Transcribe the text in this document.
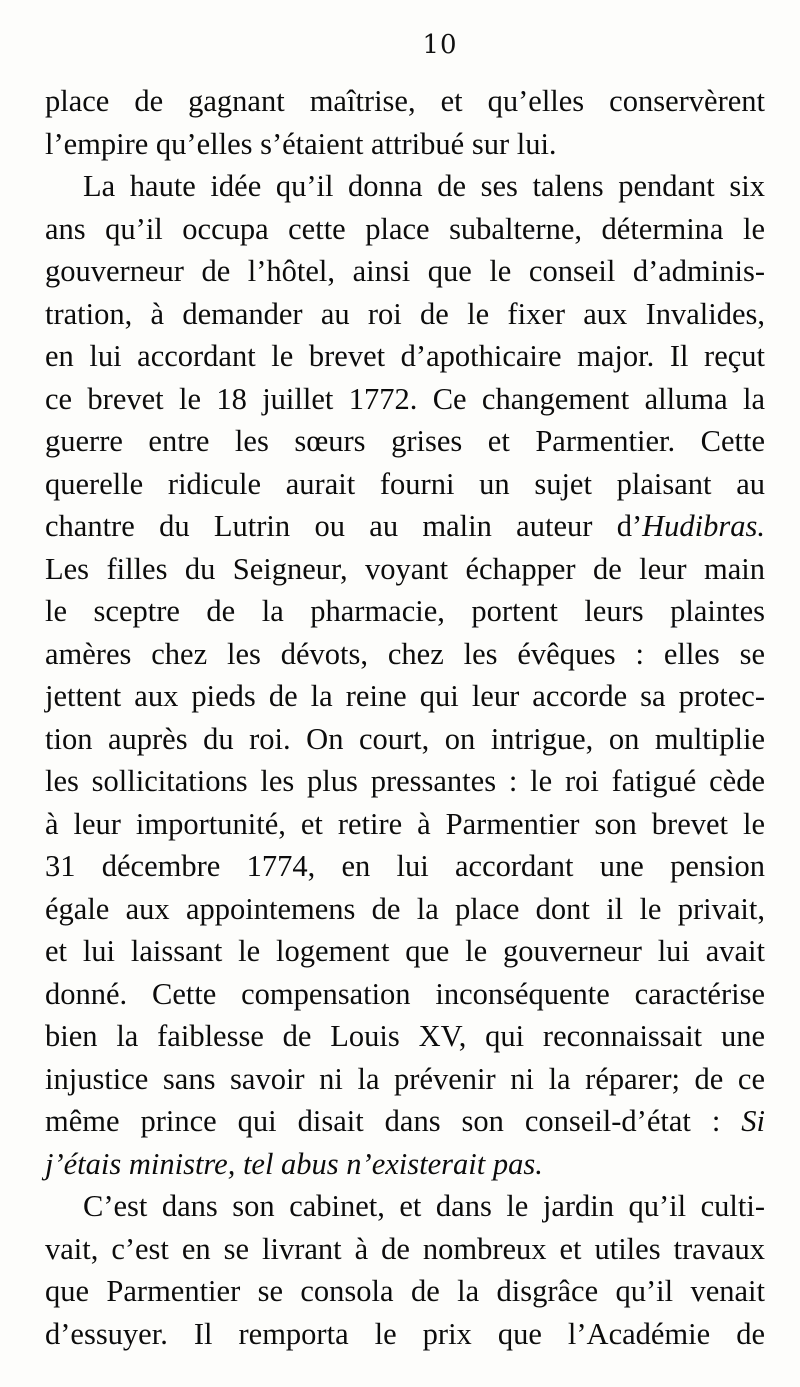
10
place de gagnant maîtrise, et qu’elles conservèrent
l’empire qu’elles s’étaient attribué sur lui.
La haute idée qu’il donna de ses talens pendant six
ans qu’il occupa cette place subalterne, détermina le
gouverneur de l’hôtel, ainsi que le conseil d’adminis-
tration, à demander au roi de le fixer aux Invalides,
en lui accordant le brevet d’apothicaire major. Il reçut
ce brevet le 18 juillet 1772. Ce changement alluma la
guerre entre les sœurs grises et Parmentier. Cette
querelle ridicule aurait fourni un sujet plaisant au
chantre du Lutrin ou au malin auteur d’Hudibras.
Les filles du Seigneur, voyant échapper de leur main
le sceptre de la pharmacie, portent leurs plaintes
amères chez les dévots, chez les évêques : elles se
jettent aux pieds de la reine qui leur accorde sa protec-
tion auprès du roi. On court, on intrigue, on multiplie
les sollicitations les plus pressantes : le roi fatigué cède
à leur importunité, et retire à Parmentier son brevet le
31 décembre 1774, en lui accordant une pension
égale aux appointemens de la place dont il le privait,
et lui laissant le logement que le gouverneur lui avait
donné. Cette compensation inconséquente caractérise
bien la faiblesse de Louis XV, qui reconnaissait une
injustice sans savoir ni la prévenir ni la réparer; de ce
même prince qui disait dans son conseil-d’état : Si
j’étais ministre, tel abus n’existerait pas.
C’est dans son cabinet, et dans le jardin qu’il culti-
vait, c’est en se livrant à de nombreux et utiles travaux
que Parmentier se consola de la disgrâce qu’il venait
d’essuyer. Il remporta le prix que l’Académie de
